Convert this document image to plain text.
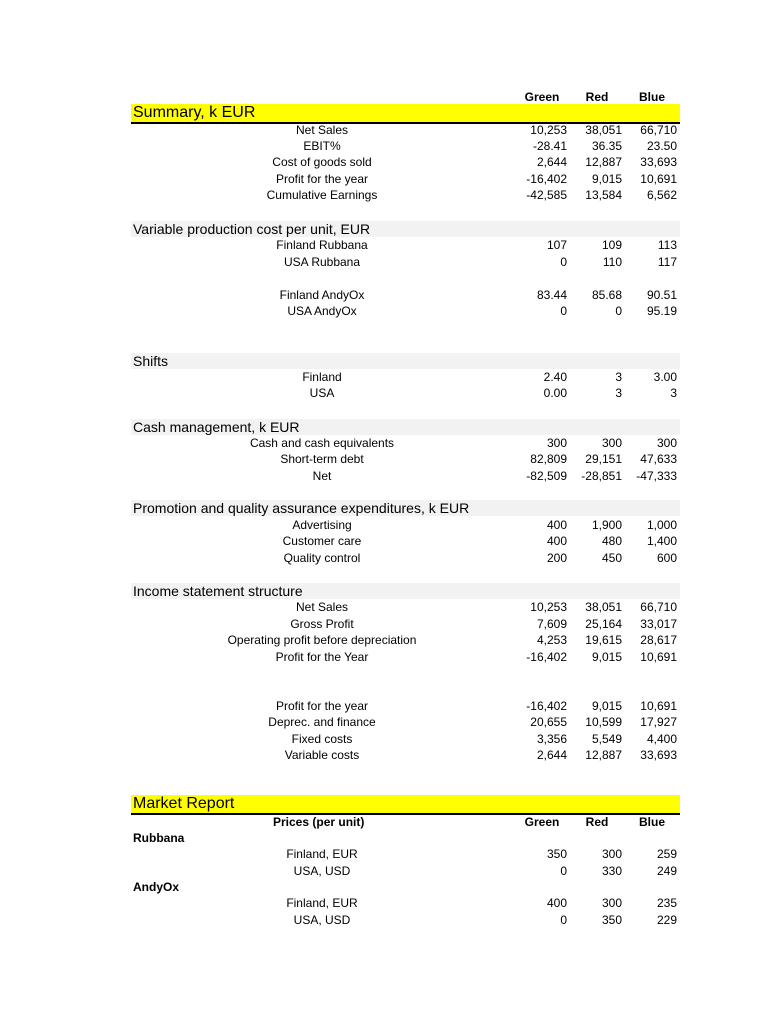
Green	Red	Blue
Summary, k EUR
Net Sales	10,253	38,051	66,710
EBIT%	-28.41	36.35	23.50
Cost of goods sold	2,644	12,887	33,693
Profit for the year	-16,402	9,015	10,691
Cumulative Earnings	-42,585	13,584	6,562
Variable production cost per unit, EUR
Finland Rubbana	107	109	113
USA Rubbana	0	110	117
Finland AndyOx	83.44	85.68	90.51
USA AndyOx	0	0	95.19
Shifts
Finland	2.40	3	3.00
USA	0.00	3	3
Cash management, k EUR
Cash and cash equivalents	300	300	300
Short-term debt	82,809	29,151	47,633
Net	-82,509	-28,851	-47,333
Promotion and quality assurance expenditures, k EUR
Advertising	400	1,900	1,000
Customer care	400	480	1,400
Quality control	200	450	600
Income statement structure
Net Sales	10,253	38,051	66,710
Gross Profit	7,609	25,164	33,017
Operating profit before depreciation	4,253	19,615	28,617
Profit for the Year	-16,402	9,015	10,691
Profit for the year	-16,402	9,015	10,691
Deprec. and finance	20,655	10,599	17,927
Fixed costs	3,356	5,549	4,400
Variable costs	2,644	12,887	33,693
Market Report
Prices (per unit)	Green	Red	Blue
Rubbana
Finland, EUR	350	300	259
USA, USD	0	330	249
AndyOx
Finland, EUR	400	300	235
USA, USD	0	350	229
